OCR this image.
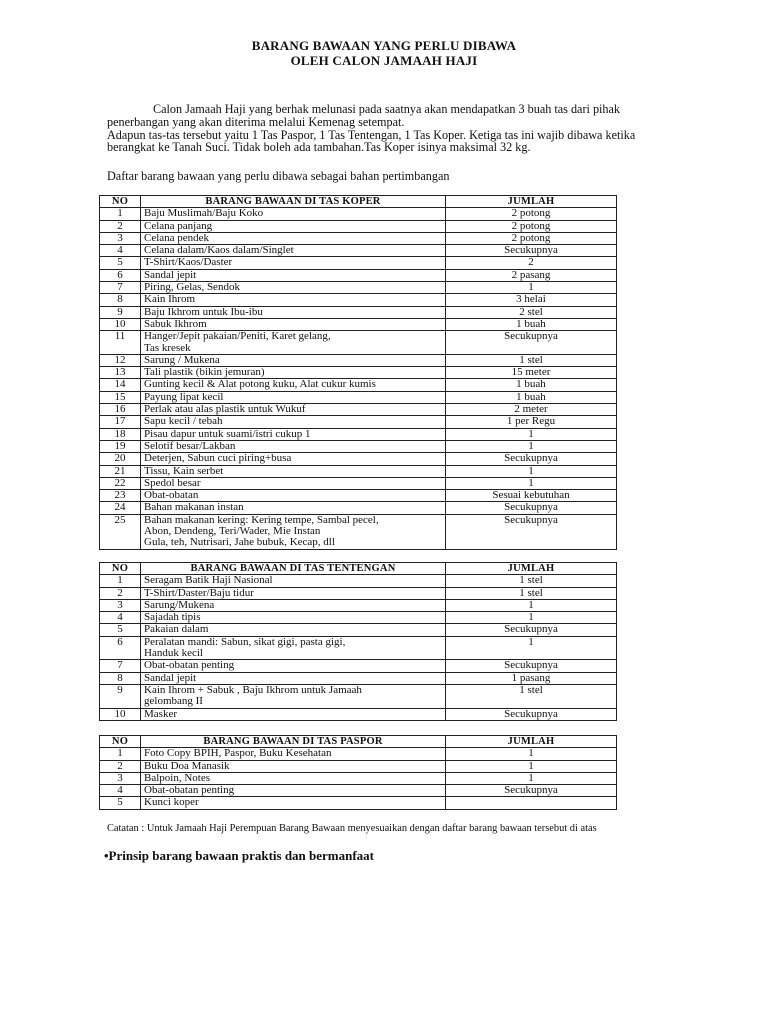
BARANG BAWAAN YANG PERLU DIBAWA
OLEH CALON JAMAAH HAJI
Calon Jamaah Haji yang berhak melunasi pada saatnya akan mendapatkan 3 buah tas dari pihak
penerbangan yang akan diterima melalui Kemenag setempat.
Adapun tas-tas tersebut yaitu 1 Tas Paspor, 1 Tas Tentengan, 1 Tas Koper. Ketiga tas ini wajib dibawa ketika
berangkat ke Tanah Suci. Tidak boleh ada tambahan.Tas Koper isinya maksimal 32 kg.
Daftar barang bawaan yang perlu dibawa sebagai bahan pertimbangan
NO	BARANG BAWAAN DI TAS KOPER	JUMLAH
1	Baju Muslimah/Baju Koko	2 potong
2	Celana panjang	2 potong
3	Celana pendek	2 potong
4	Celana dalam/Kaos dalam/Singlet	Secukupnya
5	T-Shirt/Kaos/Daster	2
6	Sandal jepit	2 pasang
7	Piring, Gelas, Sendok	1
8	Kain Ihrom	3 helai
9	Baju Ikhrom untuk Ibu-ibu	2 stel
10	Sabuk Ikhrom	1 buah
11	Hanger/Jepit pakaian/Peniti, Karet gelang,
Tas kresek	Secukupnya
12	Sarung / Mukena	1 stel
13	Tali plastik (bikin jemuran)	15 meter
14	Gunting kecil & Alat potong kuku, Alat cukur kumis	1 buah
15	Payung lipat kecil	1 buah
16	Perlak atau alas plastik untuk Wukuf	2 meter
17	Sapu kecil / tebah	1 per Regu
18	Pisau dapur untuk suami/istri cukup 1	1
19	Selotif besar/Lakban	1
20	Deterjen, Sabun cuci piring+busa	Secukupnya
21	Tissu, Kain serbet	1
22	Spedol besar	1
23	Obat-obatan	Sesuai kebutuhan
24	Bahan makanan instan	Secukupnya
25	Bahan makanan kering: Kering tempe, Sambal pecel,
Abon, Dendeng, Teri/Wader, Mie Instan
Gula, teh, Nutrisari, Jahe bubuk, Kecap, dll	Secukupnya
NO	BARANG BAWAAN DI TAS TENTENGAN	JUMLAH
1	Seragam Batik Haji Nasional	1 stel
2	T-Shirt/Daster/Baju tidur	1 stel
3	Sarung/Mukena	1
4	Sajadah tipis	1
5	Pakaian dalam	Secukupnya
6	Peralatan mandi: Sabun, sikat gigi, pasta gigi,
Handuk kecil	1
7	Obat-obatan penting	Secukupnya
8	Sandal jepit	1 pasang
9	Kain Ihrom + Sabuk , Baju Ikhrom untuk Jamaah
gelombang II	1 stel
10	Masker	Secukupnya
NO	BARANG BAWAAN DI TAS PASPOR	JUMLAH
1	Foto Copy BPIH, Paspor, Buku Kesehatan	1
2	Buku Doa Manasik	1
3	Balpoin, Notes	1
4	Obat-obatan penting	Secukupnya
5	Kunci koper	

Catatan : Untuk Jamaah Haji Perempuan Barang Bawaan menyesuaikan dengan daftar barang bawaan tersebut di atas
•Prinsip barang bawaan praktis dan bermanfaat
